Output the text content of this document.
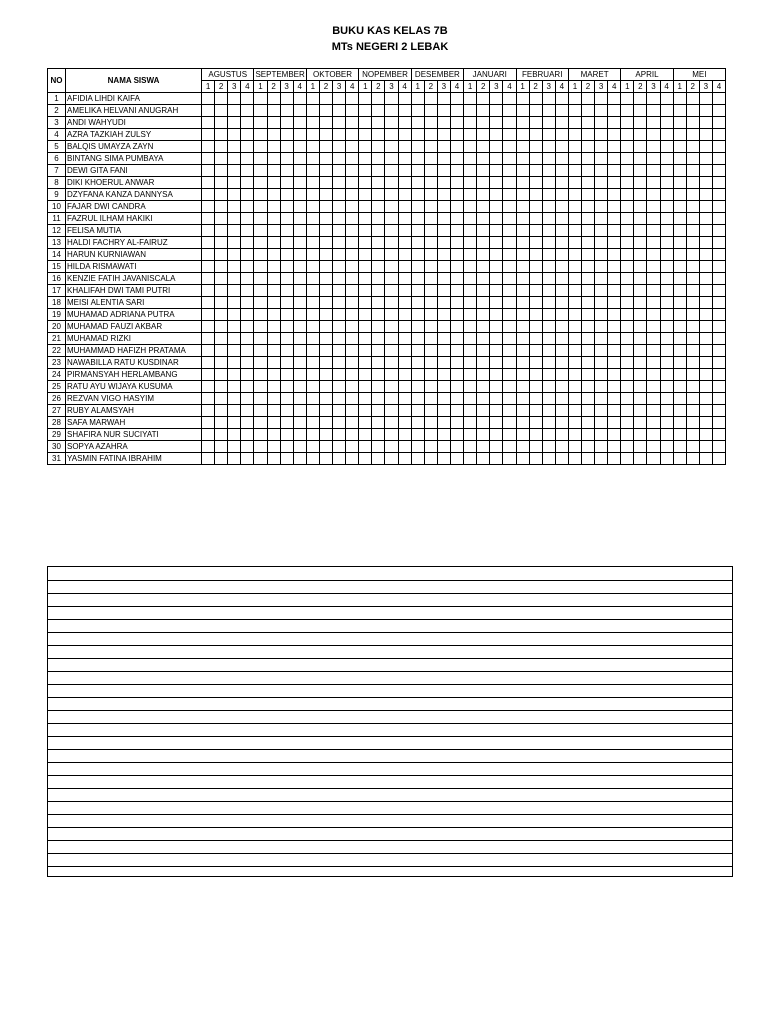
BUKU KAS KELAS 7B
MTs NEGERI 2 LEBAK
NO	NAMA SISWA	AGUSTUS				SEPTEMBER				OKTOBER				NOPEMBER				DESEMBER				JANUARI				FEBRUARI				MARET				APRIL				MEI			
		1	2	3	4	1	2	3	4	1	2	3	4	1	2	3	4	1	2	3	4	1	2	3	4	1	2	3	4	1	2	3	4	1	2	3	4	1	2	3	4
1	AFIDIA LIHDI KAIFA																																								
2	AMELIKA HELVANI ANUGRAH																																								
3	ANDI WAHYUDI																																								
4	AZRA TAZKIAH ZULSY																																								
5	BALQIS UMAYZA ZAYN																																								
6	BINTANG SIMA PUMBAYA																																								
7	DEWI GITA FANI																																								
8	DIKI KHOERUL ANWAR																																								
9	DZYFANA KANZA DANNYSA																																								
10	FAJAR DWI CANDRA																																								
11	FAZRUL ILHAM HAKIKI																																								
12	FELISA MUTIA																																								
13	HALDI FACHRY AL-FAIRUZ																																								
14	HARUN KURNIAWAN																																								
15	HILDA RISMAWATI																																								
16	KENZIE FATIH JAVANISCALA																																								
17	KHALIFAH DWI TAMI PUTRI																																								
18	MEISI ALENTIA SARI																																								
19	MUHAMAD ADRIANA PUTRA																																								
20	MUHAMAD FAUZI AKBAR																																								
21	MUHAMAD RIZKI																																								
22	MUHAMMAD HAFIZH PRATAMA																																								
23	NAWABILLA RATU KUSDINAR																																								
24	PIRMANSYAH HERLAMBANG																																								
25	RATU AYU WIJAYA KUSUMA																																								
26	REZVAN VIGO HASYIM																																								
27	RUBY ALAMSYAH																																								
28	SAFA MARWAH																																								
29	SHAFIRA NUR SUCIYATI																																								
30	SOPYA AZAHRA																																								
31	YASMIN FATINA IBRAHIM																																								
